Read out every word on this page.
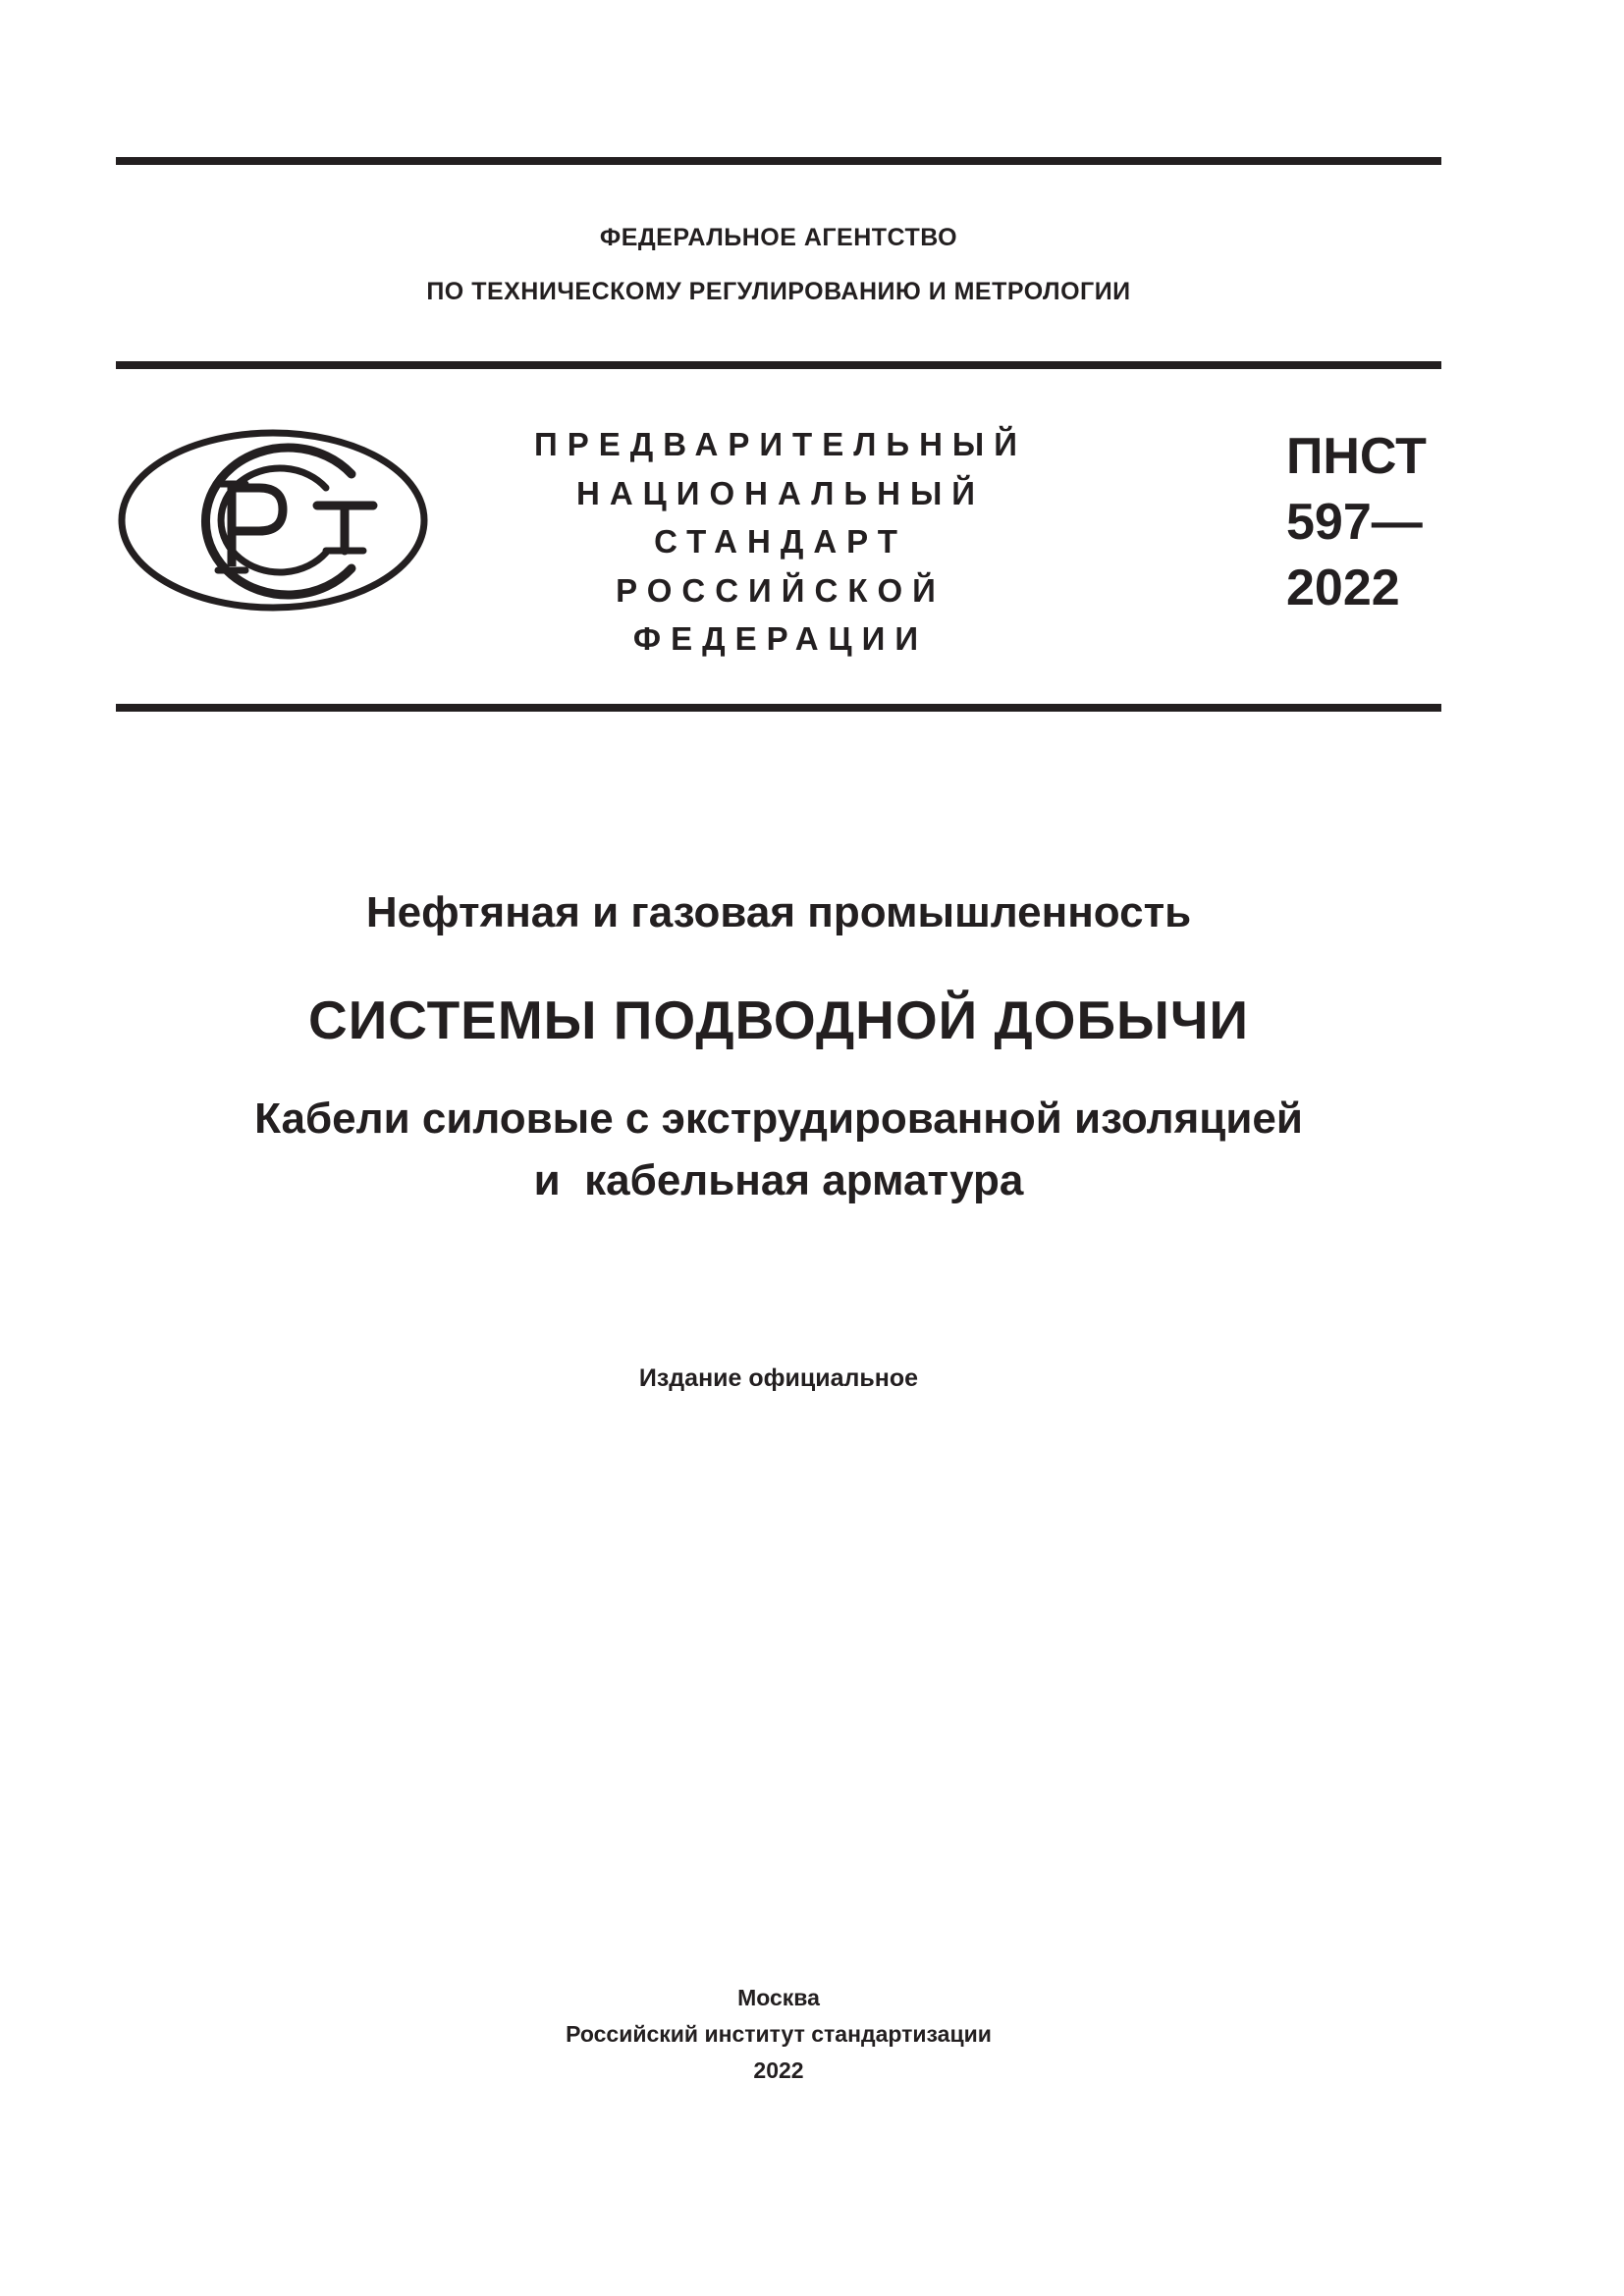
ФЕДЕРАЛЬНОЕ АГЕНТСТВО
ПО ТЕХНИЧЕСКОМУ РЕГУЛИРОВАНИЮ И МЕТРОЛОГИИ
ПРЕДВАРИТЕЛЬНЫЙ
НАЦИОНАЛЬНЫЙ
СТАНДАРТ
РОССИЙСКОЙ
ФЕДЕРАЦИИ
ПНСТ
597—
2022
Нефтяная и газовая промышленность
СИСТЕМЫ ПОДВОДНОЙ ДОБЫЧИ
Кабели силовые с экструдированной изоляцией
и  кабельная арматура
Издание официальное
Москва
Российский институт стандартизации
2022
